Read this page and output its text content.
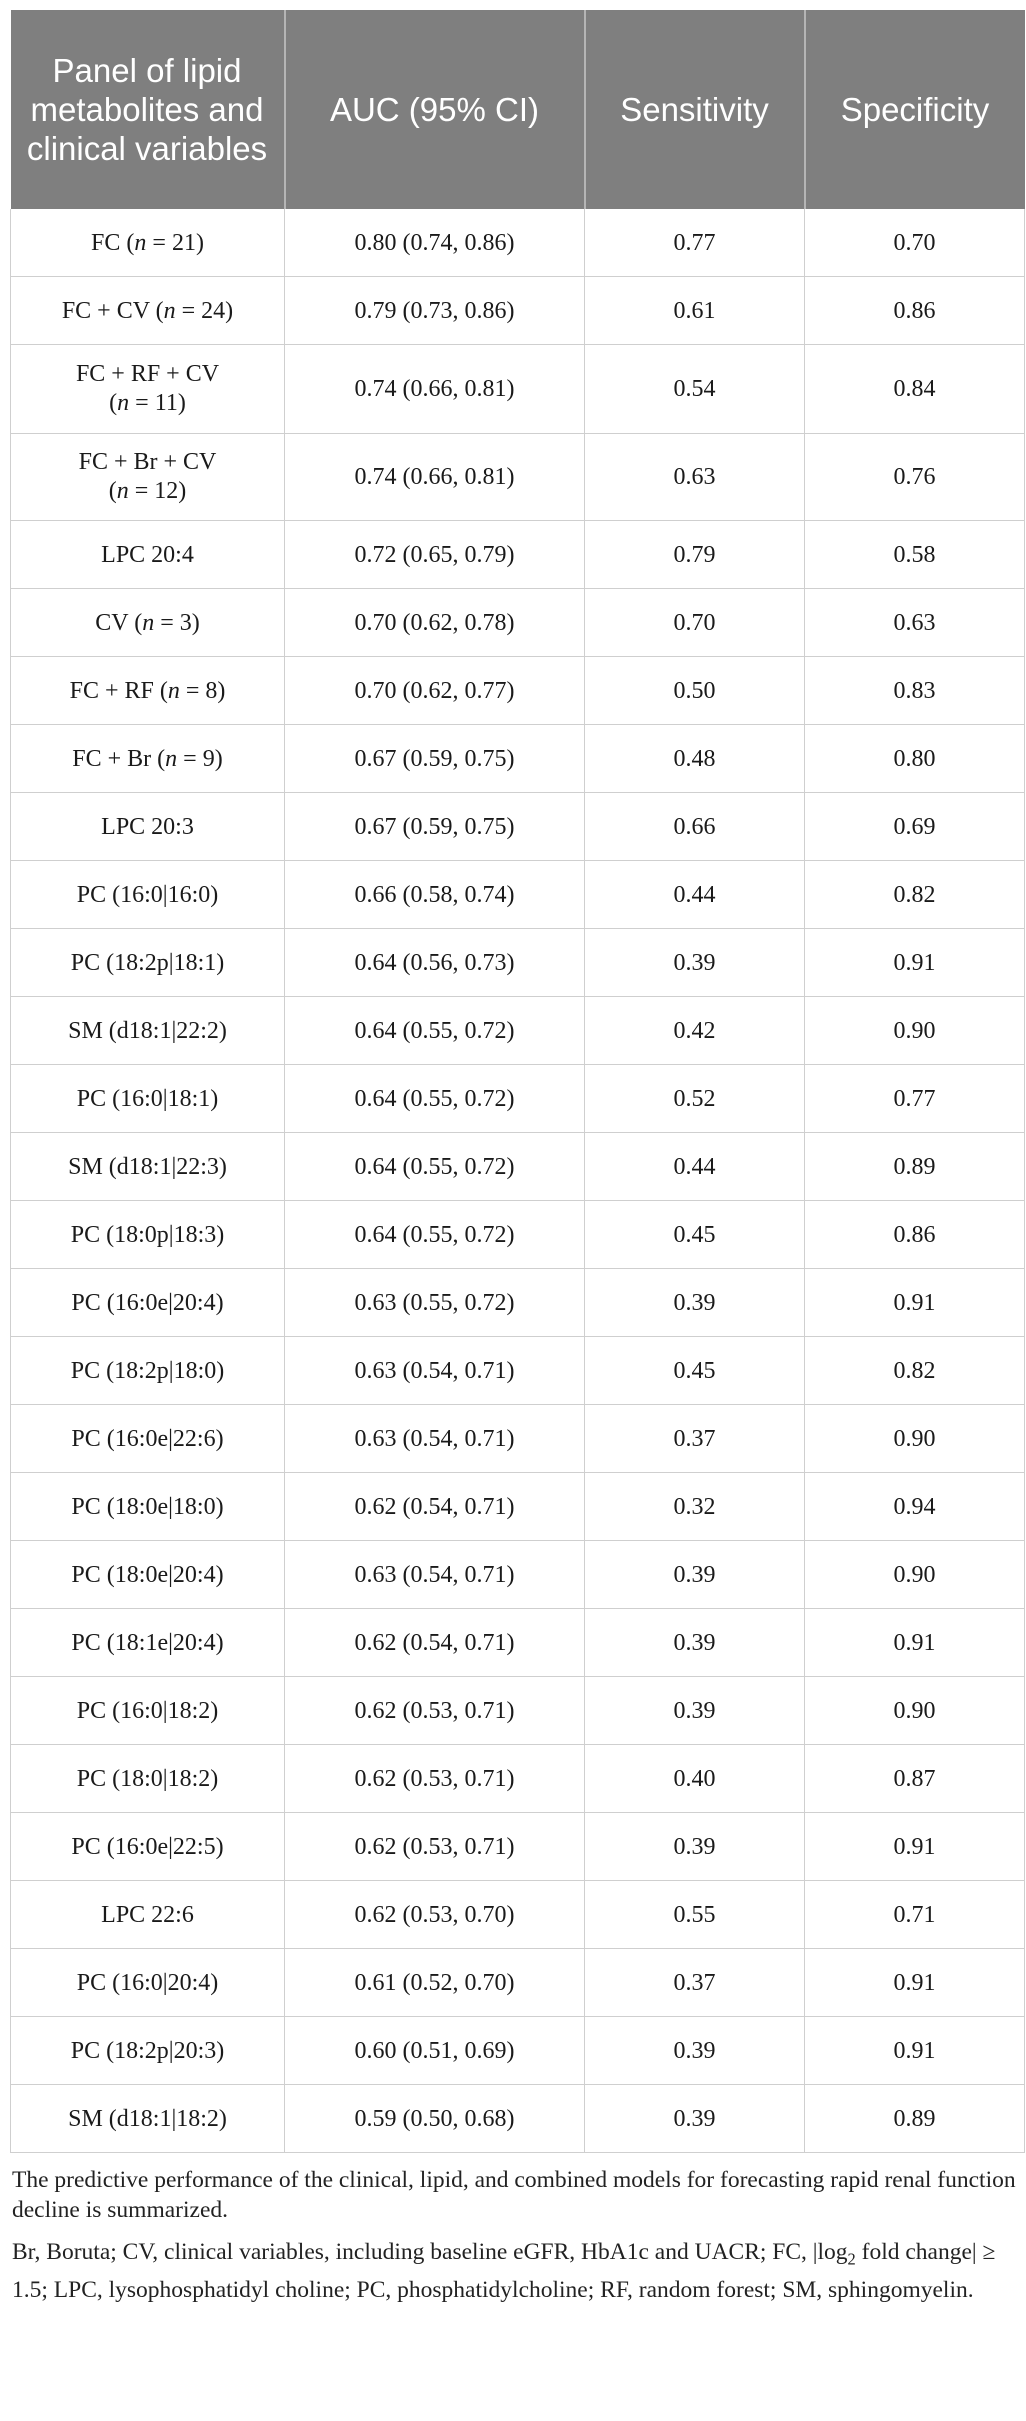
Panel of lipid metabolites and clinical variables	AUC (95% CI)	Sensitivity	Specificity
FC (n = 21)	0.80 (0.74, 0.86)	0.77	0.70
FC + CV (n = 24)	0.79 (0.73, 0.86)	0.61	0.86
FC + RF + CV
(n = 11)	0.74 (0.66, 0.81)	0.54	0.84
FC + Br + CV
(n = 12)	0.74 (0.66, 0.81)	0.63	0.76
LPC 20:4	0.72 (0.65, 0.79)	0.79	0.58
CV (n = 3)	0.70 (0.62, 0.78)	0.70	0.63
FC + RF (n = 8)	0.70 (0.62, 0.77)	0.50	0.83
FC + Br (n = 9)	0.67 (0.59, 0.75)	0.48	0.80
LPC 20:3	0.67 (0.59, 0.75)	0.66	0.69
PC (16:0|16:0)	0.66 (0.58, 0.74)	0.44	0.82
PC (18:2p|18:1)	0.64 (0.56, 0.73)	0.39	0.91
SM (d18:1|22:2)	0.64 (0.55, 0.72)	0.42	0.90
PC (16:0|18:1)	0.64 (0.55, 0.72)	0.52	0.77
SM (d18:1|22:3)	0.64 (0.55, 0.72)	0.44	0.89
PC (18:0p|18:3)	0.64 (0.55, 0.72)	0.45	0.86
PC (16:0e|20:4)	0.63 (0.55, 0.72)	0.39	0.91
PC (18:2p|18:0)	0.63 (0.54, 0.71)	0.45	0.82
PC (16:0e|22:6)	0.63 (0.54, 0.71)	0.37	0.90
PC (18:0e|18:0)	0.62 (0.54, 0.71)	0.32	0.94
PC (18:0e|20:4)	0.63 (0.54, 0.71)	0.39	0.90
PC (18:1e|20:4)	0.62 (0.54, 0.71)	0.39	0.91
PC (16:0|18:2)	0.62 (0.53, 0.71)	0.39	0.90
PC (18:0|18:2)	0.62 (0.53, 0.71)	0.40	0.87
PC (16:0e|22:5)	0.62 (0.53, 0.71)	0.39	0.91
LPC 22:6	0.62 (0.53, 0.70)	0.55	0.71
PC (16:0|20:4)	0.61 (0.52, 0.70)	0.37	0.91
PC (18:2p|20:3)	0.60 (0.51, 0.69)	0.39	0.91
SM (d18:1|18:2)	0.59 (0.50, 0.68)	0.39	0.89

The predictive performance of the clinical, lipid, and combined models for forecasting rapid renal function decline is summarized.

Br, Boruta; CV, clinical variables, including baseline eGFR, HbA1c and UACR; FC, $|\log_2$ fold change| ≥ 1.5; LPC, lysophosphatidyl choline; PC, phosphatidylcholine; RF, random forest; SM, sphingomyelin.
